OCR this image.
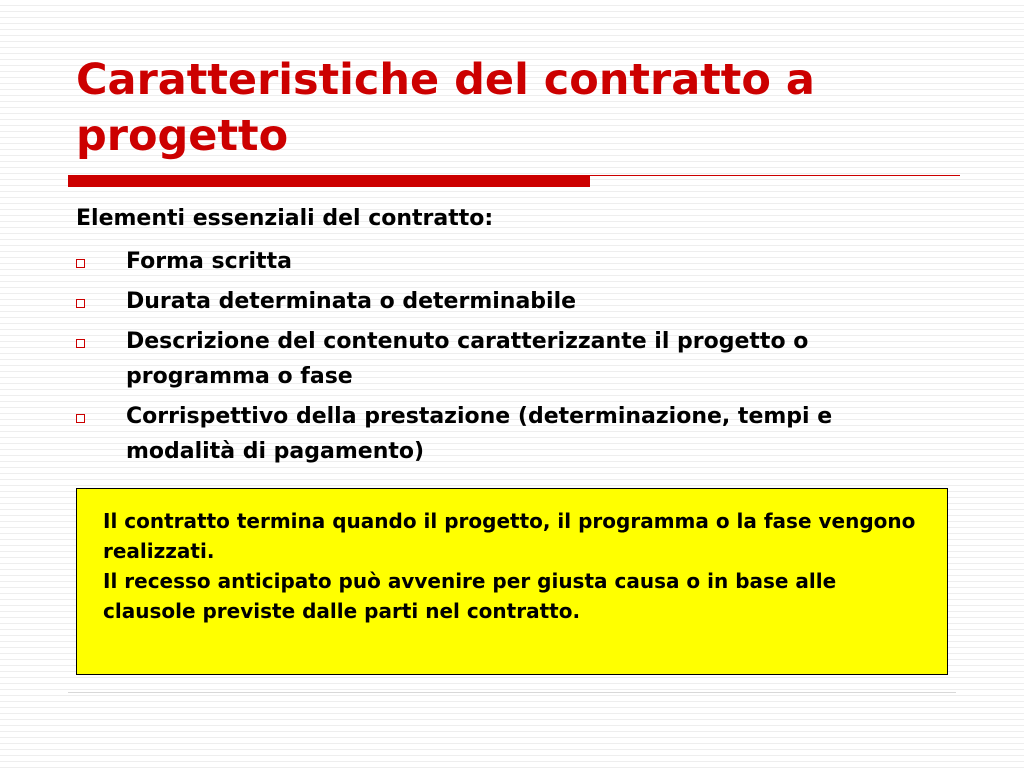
Caratteristiche del contratto a progetto
Elementi essenziali del contratto:
Forma scritta
Durata determinata o determinabile
Descrizione del contenuto caratterizzante il progetto o programma o fase
Corrispettivo della prestazione (determinazione, tempi e modalità di pagamento)

Il contratto termina quando il progetto, il programma o la fase vengono realizzati.

Il recesso anticipato può avvenire per giusta causa o in base alle clausole previste dalle parti nel contratto.
